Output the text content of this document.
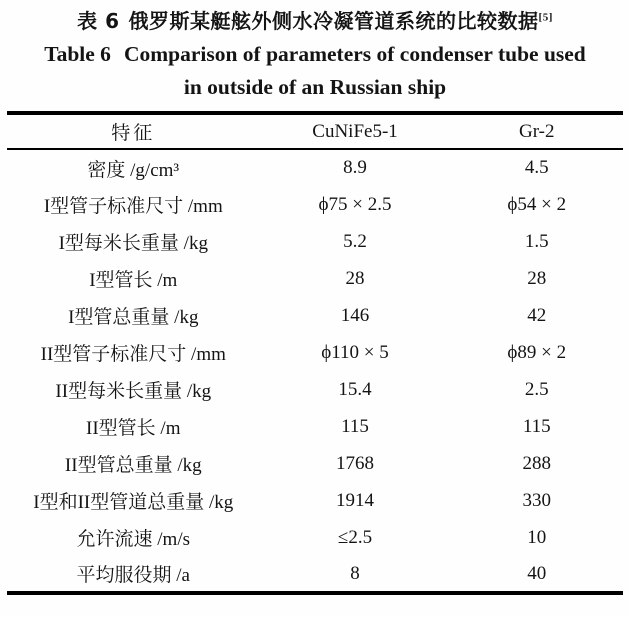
表 6 俄罗斯某艇舷外侧水冷凝管道系统的比较数据[5]
Table 6 Comparison of parameters of condenser tube used
in outside of an Russian ship
特征	CuNiFe5-1	Gr-2
密度 /g/cm³	8.9	4.5
I型管子标准尺寸 /mm	ϕ75 × 2.5	ϕ54 × 2
I型每米长重量 /kg	5.2	1.5
I型管长 /m	28	28
I型管总重量 /kg	146	42
II型管子标准尺寸 /mm	ϕ110 × 5	ϕ89 × 2
II型每米长重量 /kg	15.4	2.5
II型管长 /m	115	115
II型管总重量 /kg	1768	288
I型和II型管道总重量 /kg	1914	330
允许流速 /m/s	≤2.5	10
平均服役期 /a	8	40
